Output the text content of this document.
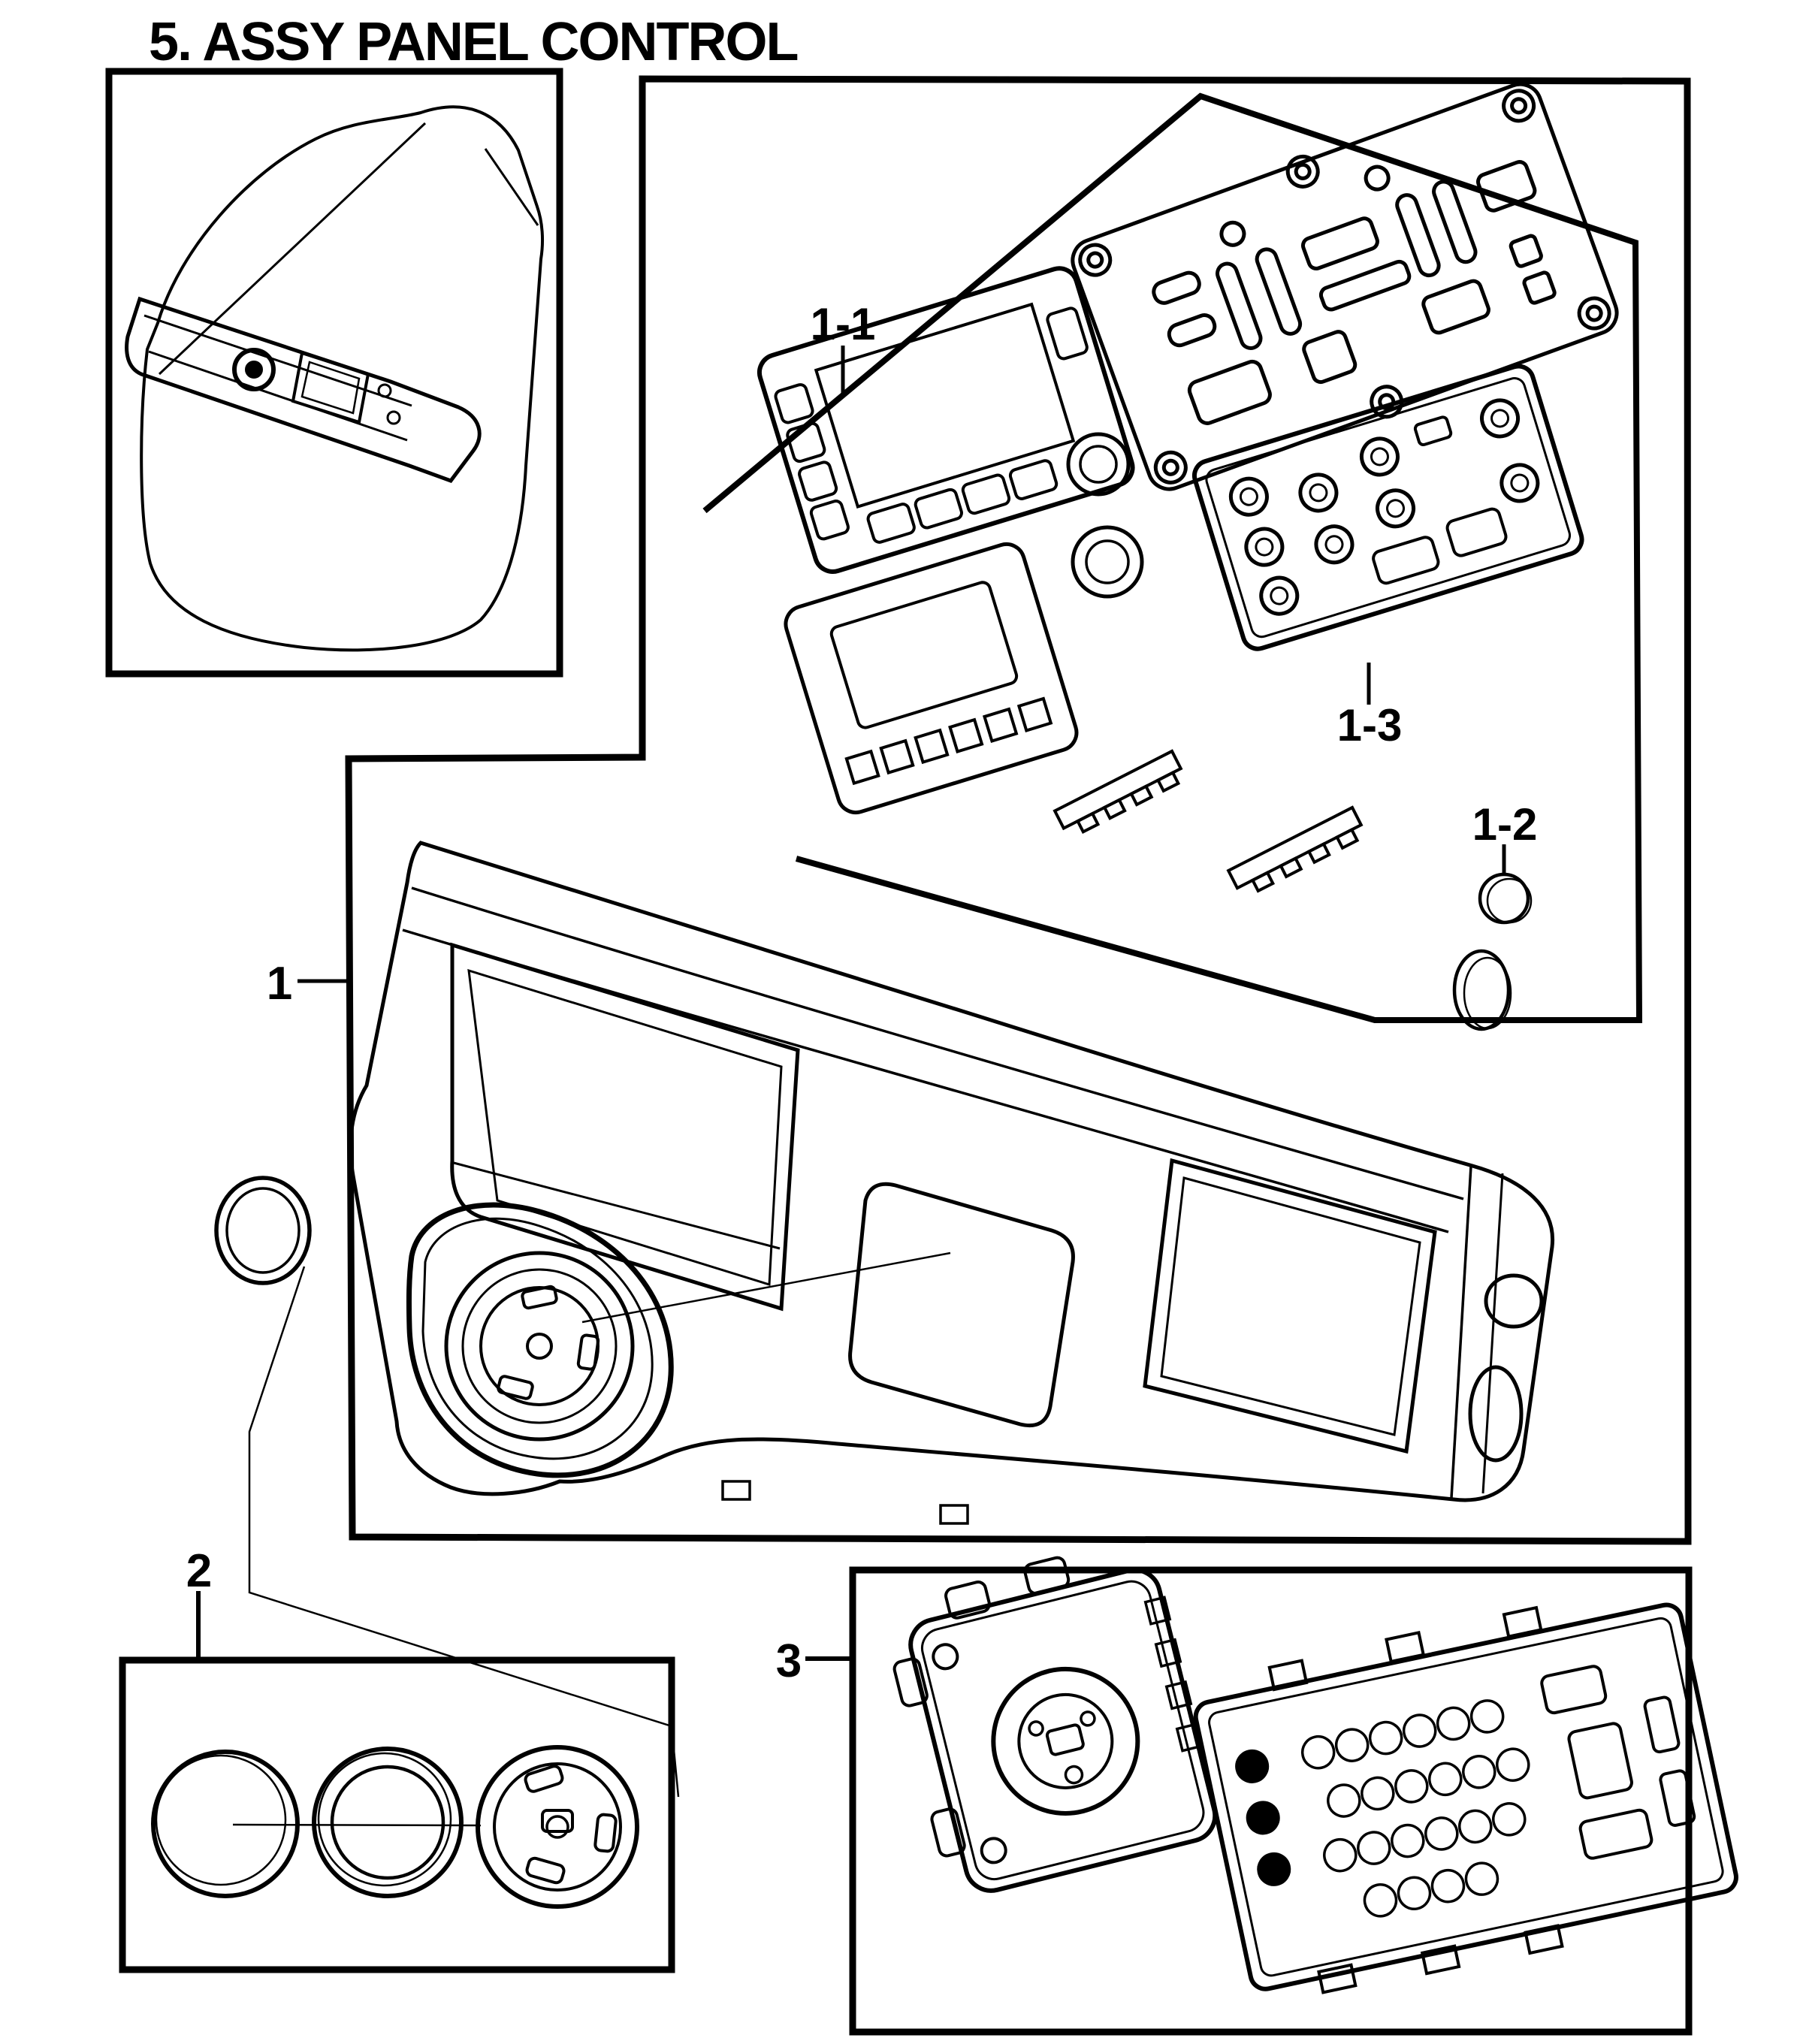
5. ASSY PANEL CONTROL
1
1-1
1-2
1-3
2
3
